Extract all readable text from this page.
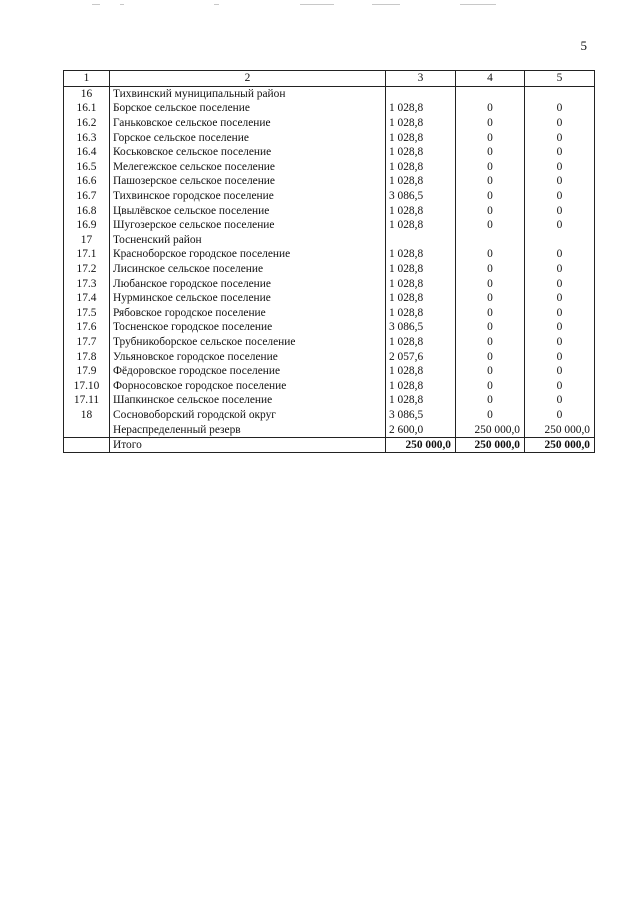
5
1	2	3	4	5
16	Тихвинский муниципальный район			
16.1	Борское сельское поселение	1 028,8	0	0
16.2	Ганьковское сельское поселение	1 028,8	0	0
16.3	Горское сельское поселение	1 028,8	0	0
16.4	Коськовское сельское поселение	1 028,8	0	0
16.5	Мелегежское сельское поселение	1 028,8	0	0
16.6	Пашозерское сельское поселение	1 028,8	0	0
16.7	Тихвинское городское поселение	3 086,5	0	0
16.8	Цвылёвское сельское поселение	1 028,8	0	0
16.9	Шугозерское сельское поселение	1 028,8	0	0
17	Тосненский район			
17.1	Красноборское городское поселение	1 028,8	0	0
17.2	Лисинское сельское поселение	1 028,8	0	0
17.3	Любанское городское поселение	1 028,8	0	0
17.4	Нурминское сельское поселение	1 028,8	0	0
17.5	Рябовское городское поселение	1 028,8	0	0
17.6	Тосненское городское поселение	3 086,5	0	0
17.7	Трубникоборское сельское поселение	1 028,8	0	0
17.8	Ульяновское городское поселение	2 057,6	0	0
17.9	Фёдоровское городское поселение	1 028,8	0	0
17.10	Форносовское городское поселение	1 028,8	0	0
17.11	Шапкинское сельское поселение	1 028,8	0	0
18	Сосновоборский городской округ	3 086,5	0	0
	Нераспределенный резерв	2 600,0	250 000,0	250 000,0
	Итого	250 000,0	250 000,0	250 000,0
